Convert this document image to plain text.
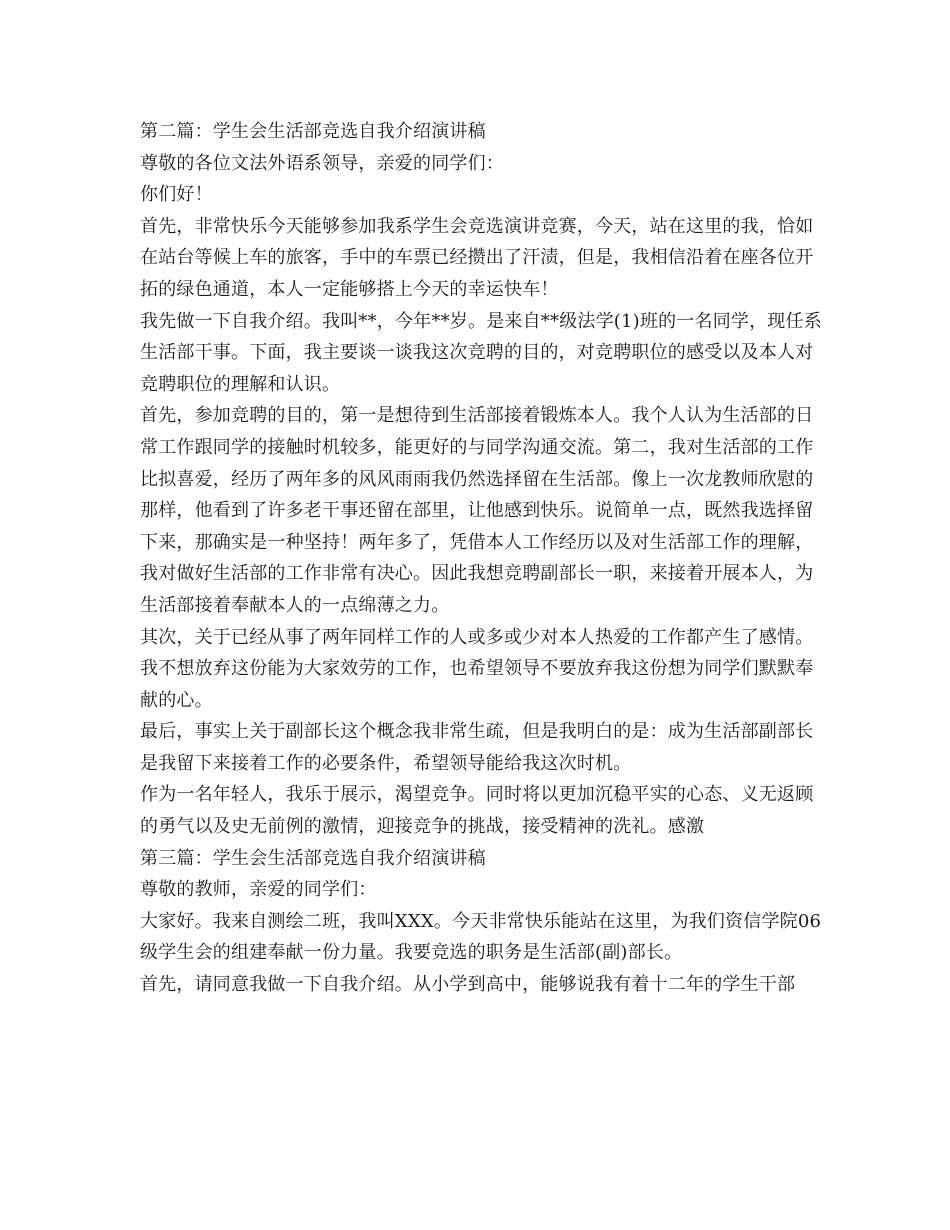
第二篇：学生会生活部竞选自我介绍演讲稿

尊敬的各位文法外语系领导，亲爱的同学们：

你们好！

首先，非常快乐今天能够参加我系学生会竞选演讲竞赛，今天，站在这里的我，恰如在站台等候上车的旅客，手中的车票已经攒出了汗渍，但是，我相信沿着在座各位开拓的绿色通道，本人一定能够搭上今天的幸运快车！

我先做一下自我介绍。我叫**，今年**岁。是来自**级法学(1)班的一名同学，现任系生活部干事。下面，我主要谈一谈我这次竞聘的目的，对竞聘职位的感受以及本人对竞聘职位的理解和认识。

首先，参加竞聘的目的，第一是想待到生活部接着锻炼本人。我个人认为生活部的日常工作跟同学的接触时机较多，能更好的与同学沟通交流。第二，我对生活部的工作比拟喜爱，经历了两年多的风风雨雨我仍然选择留在生活部。像上一次龙教师欣慰的那样，他看到了许多老干事还留在部里，让他感到快乐。说简单一点，既然我选择留下来，那确实是一种坚持！两年多了，凭借本人工作经历以及对生活部工作的理解，我对做好生活部的工作非常有决心。因此我想竞聘副部长一职，来接着开展本人，为生活部接着奉献本人的一点绵薄之力。

其次，关于已经从事了两年同样工作的人或多或少对本人热爱的工作都产生了感情。我不想放弃这份能为大家效劳的工作，也希望领导不要放弃我这份想为同学们默默奉献的心。

最后，事实上关于副部长这个概念我非常生疏，但是我明白的是：成为生活部副部长是我留下来接着工作的必要条件，希望领导能给我这次时机。

作为一名年轻人，我乐于展示，渴望竞争。同时将以更加沉稳平实的心态、义无返顾的勇气以及史无前例的激情，迎接竞争的挑战，接受精神的洗礼。感激

第三篇：学生会生活部竞选自我介绍演讲稿

尊敬的教师，亲爱的同学们：

大家好。我来自测绘二班，我叫XXX。今天非常快乐能站在这里，为我们资信学院06级学生会的组建奉献一份力量。我要竞选的职务是生活部(副)部长。

首先，请同意我做一下自我介绍。从小学到高中，能够说我有着十二年的学生干部
